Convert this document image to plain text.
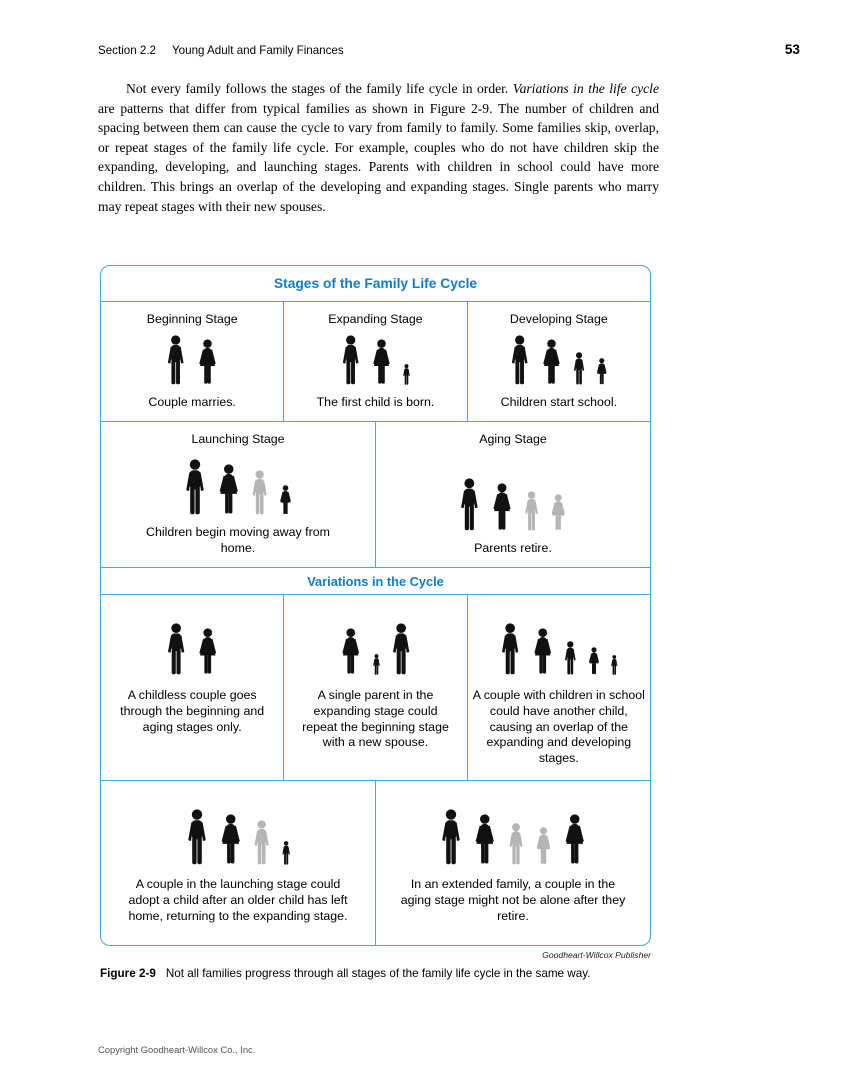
Section 2.2 Young Adult and Family Finances	53

Not every family follows the stages of the family life cycle in order. Variations in the life cycle are patterns that differ from typical families as shown in Figure 2-9. The number of children and spacing between them can cause the cycle to vary from family to family. Some families skip, overlap, or repeat stages of the family life cycle. For example, couples who do not have children skip the expanding, developing, and launching stages. Parents with children in school could have more children. This brings an overlap of the developing and expanding stages. Single parents who marry may repeat stages with their new spouses.

Stages of the Family Life Cycle
Beginning Stage
Couple marries.
Expanding Stage
The first child is born.
Developing Stage
Children start school.
Launching Stage
Children begin moving away from home.
Aging Stage
Parents retire.
Variations in the Cycle
A childless couple goes through the beginning and aging stages only.
A single parent in the expanding stage could repeat the beginning stage with a new spouse.
A couple with children in school could have another child, causing an overlap of the expanding and developing stages.
A couple in the launching stage could adopt a child after an older child has left home, returning to the expanding stage.
In an extended family, a couple in the aging stage might not be alone after they retire.
Goodheart-Willcox Publisher
Figure 2-9 Not all families progress through all stages of the family life cycle in the same way.
Copyright Goodheart-Willcox Co., Inc.
